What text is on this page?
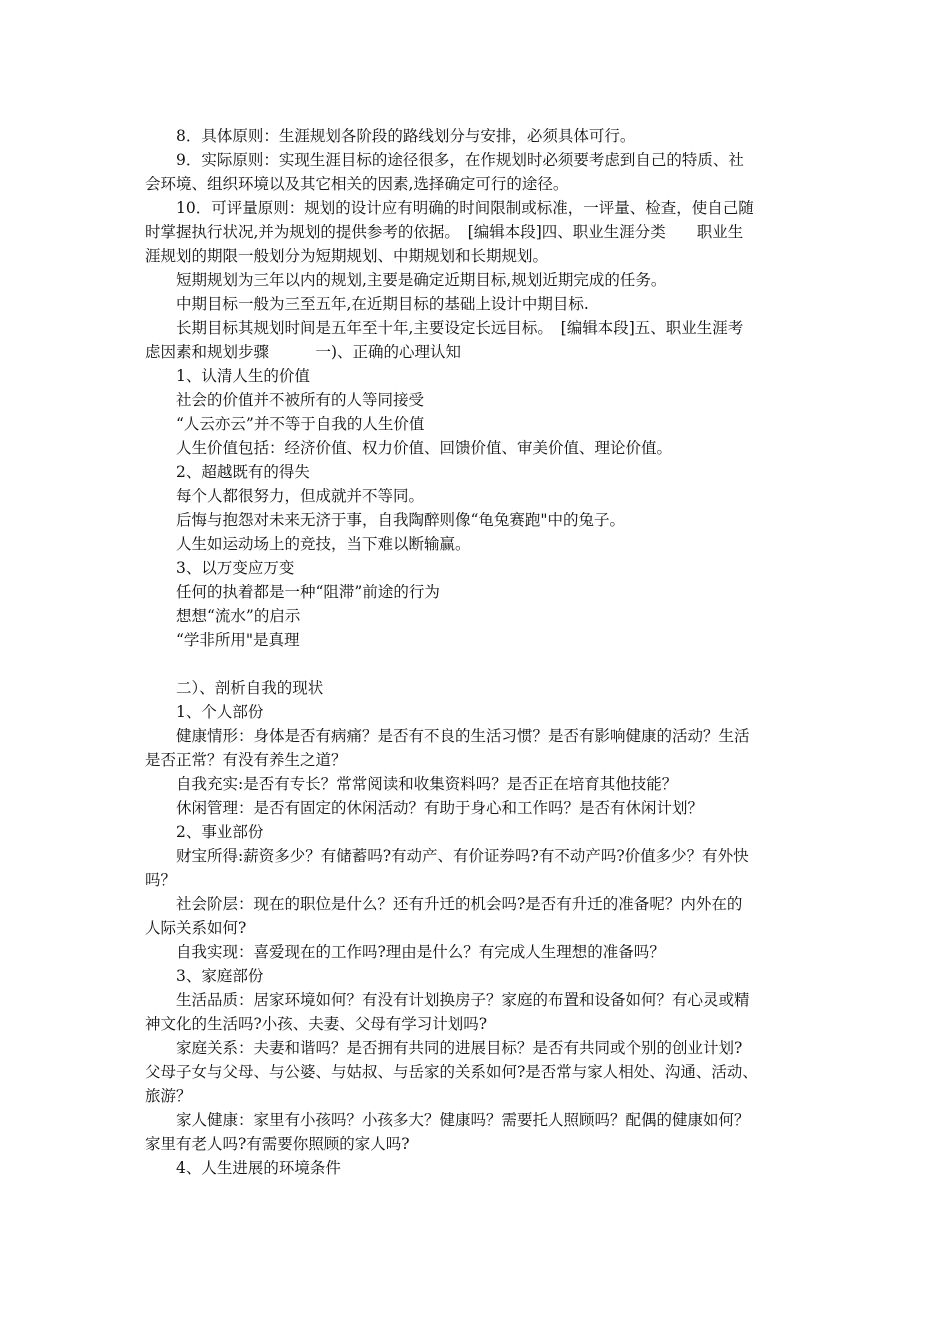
　　8．具体原则：生涯规划各阶段的路线划分与安排，必须具体可行。
　　9．实际原则：实现生涯目标的途径很多，在作规划时必须要考虑到自己的特质、社
会环境、组织环境以及其它相关的因素,选择确定可行的途径。
　　10．可评量原则：规划的设计应有明确的时间限制或标准，一评量、检查，使自己随
时掌握执行状况,并为规划的提供参考的依据。　[编辑本段]四、职业生涯分类　　职业生
涯规划的期限一般划分为短期规划、中期规划和长期规划。
　　短期规划为三年以内的规划,主要是确定近期目标,规划近期完成的任务。
　　中期目标一般为三至五年,在近期目标的基础上设计中期目标.
　　长期目标其规划时间是五年至十年,主要设定长远目标。　[编辑本段]五、职业生涯考
虑因素和规划步骤　　　一)、正确的心理认知
　　1、认清人生的价值
　　社会的价值并不被所有的人等同接受
　　“人云亦云”并不等于自我的人生价值
　　人生价值包括：经济价值、权力价值、回馈价值、审美价值、理论价值。
　　2、超越既有的得失
　　每个人都很努力，但成就并不等同。
　　后悔与抱怨对未来无济于事，自我陶醉则像“龟兔赛跑"中的兔子。
　　人生如运动场上的竞技，当下难以断输赢。
　　3、以万变应万变
　　任何的执着都是一种“阻滞”前途的行为
　　想想“流水”的启示
　　“学非所用"是真理

　　二）、剖析自我的现状
　　1、个人部份
　　健康情形：身体是否有病痛？是否有不良的生活习惯？是否有影响健康的活动？生活
是否正常？有没有养生之道？
　　自我充实:是否有专长？常常阅读和收集资料吗？是否正在培育其他技能？
　　休闲管理：是否有固定的休闲活动？有助于身心和工作吗？是否有休闲计划？
　　2、事业部份
　　财宝所得:薪资多少？有储蓄吗?有动产、有价证券吗?有不动产吗?价值多少？有外快
吗？
　　社会阶层：现在的职位是什么？还有升迁的机会吗?是否有升迁的准备呢？内外在的
人际关系如何?
　　自我实现：喜爱现在的工作吗?理由是什么？有完成人生理想的准备吗？
　　3、家庭部份
　　生活品质：居家环境如何？有没有计划换房子？家庭的布置和设备如何？有心灵或精
神文化的生活吗?小孩、夫妻、父母有学习计划吗?
　　家庭关系：夫妻和谐吗？是否拥有共同的进展目标？是否有共同或个别的创业计划?
父母子女与父母、与公婆、与姑叔、与岳家的关系如何?是否常与家人相处、沟通、活动、
旅游？
　　家人健康：家里有小孩吗？小孩多大？健康吗？需要托人照顾吗？配偶的健康如何？
家里有老人吗?有需要你照顾的家人吗?
　　4、人生进展的环境条件
